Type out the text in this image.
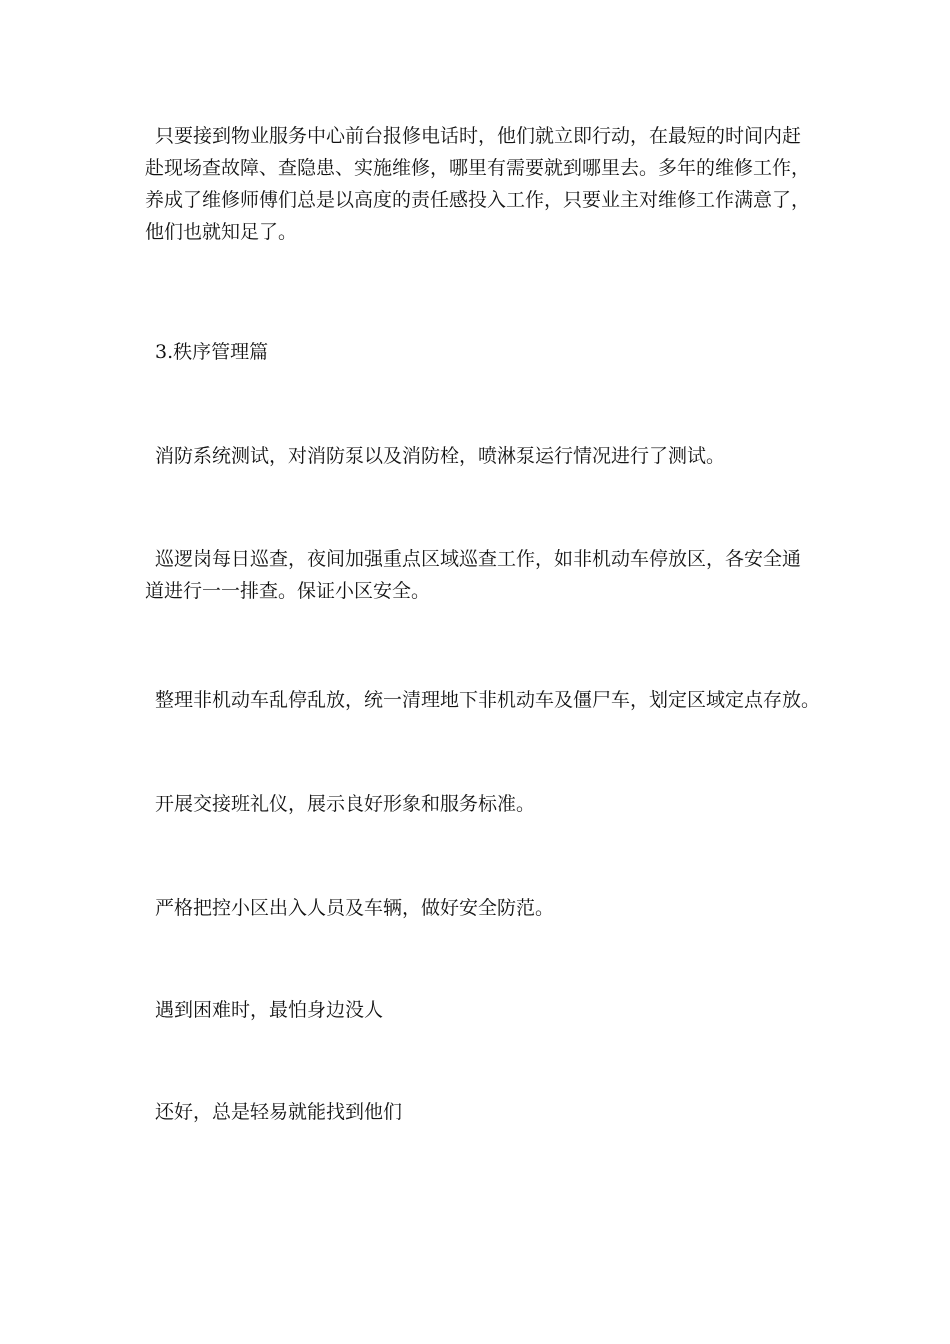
只要接到物业服务中心前台报修电话时，他们就立即行动，在最短的时间内赶
赴现场查故障、查隐患、实施维修，哪里有需要就到哪里去。多年的维修工作，
养成了维修师傅们总是以高度的责任感投入工作，只要业主对维修工作满意了，
他们也就知足了。
3.秩序管理篇
消防系统测试，对消防泵以及消防栓，喷淋泵运行情况进行了测试。
巡逻岗每日巡查，夜间加强重点区域巡查工作，如非机动车停放区，各安全通
道进行一一排查。保证小区安全。
整理非机动车乱停乱放，统一清理地下非机动车及僵尸车，划定区域定点存放。
开展交接班礼仪，展示良好形象和服务标准。
严格把控小区出入人员及车辆，做好安全防范。
遇到困难时，最怕身边没人
还好，总是轻易就能找到他们
